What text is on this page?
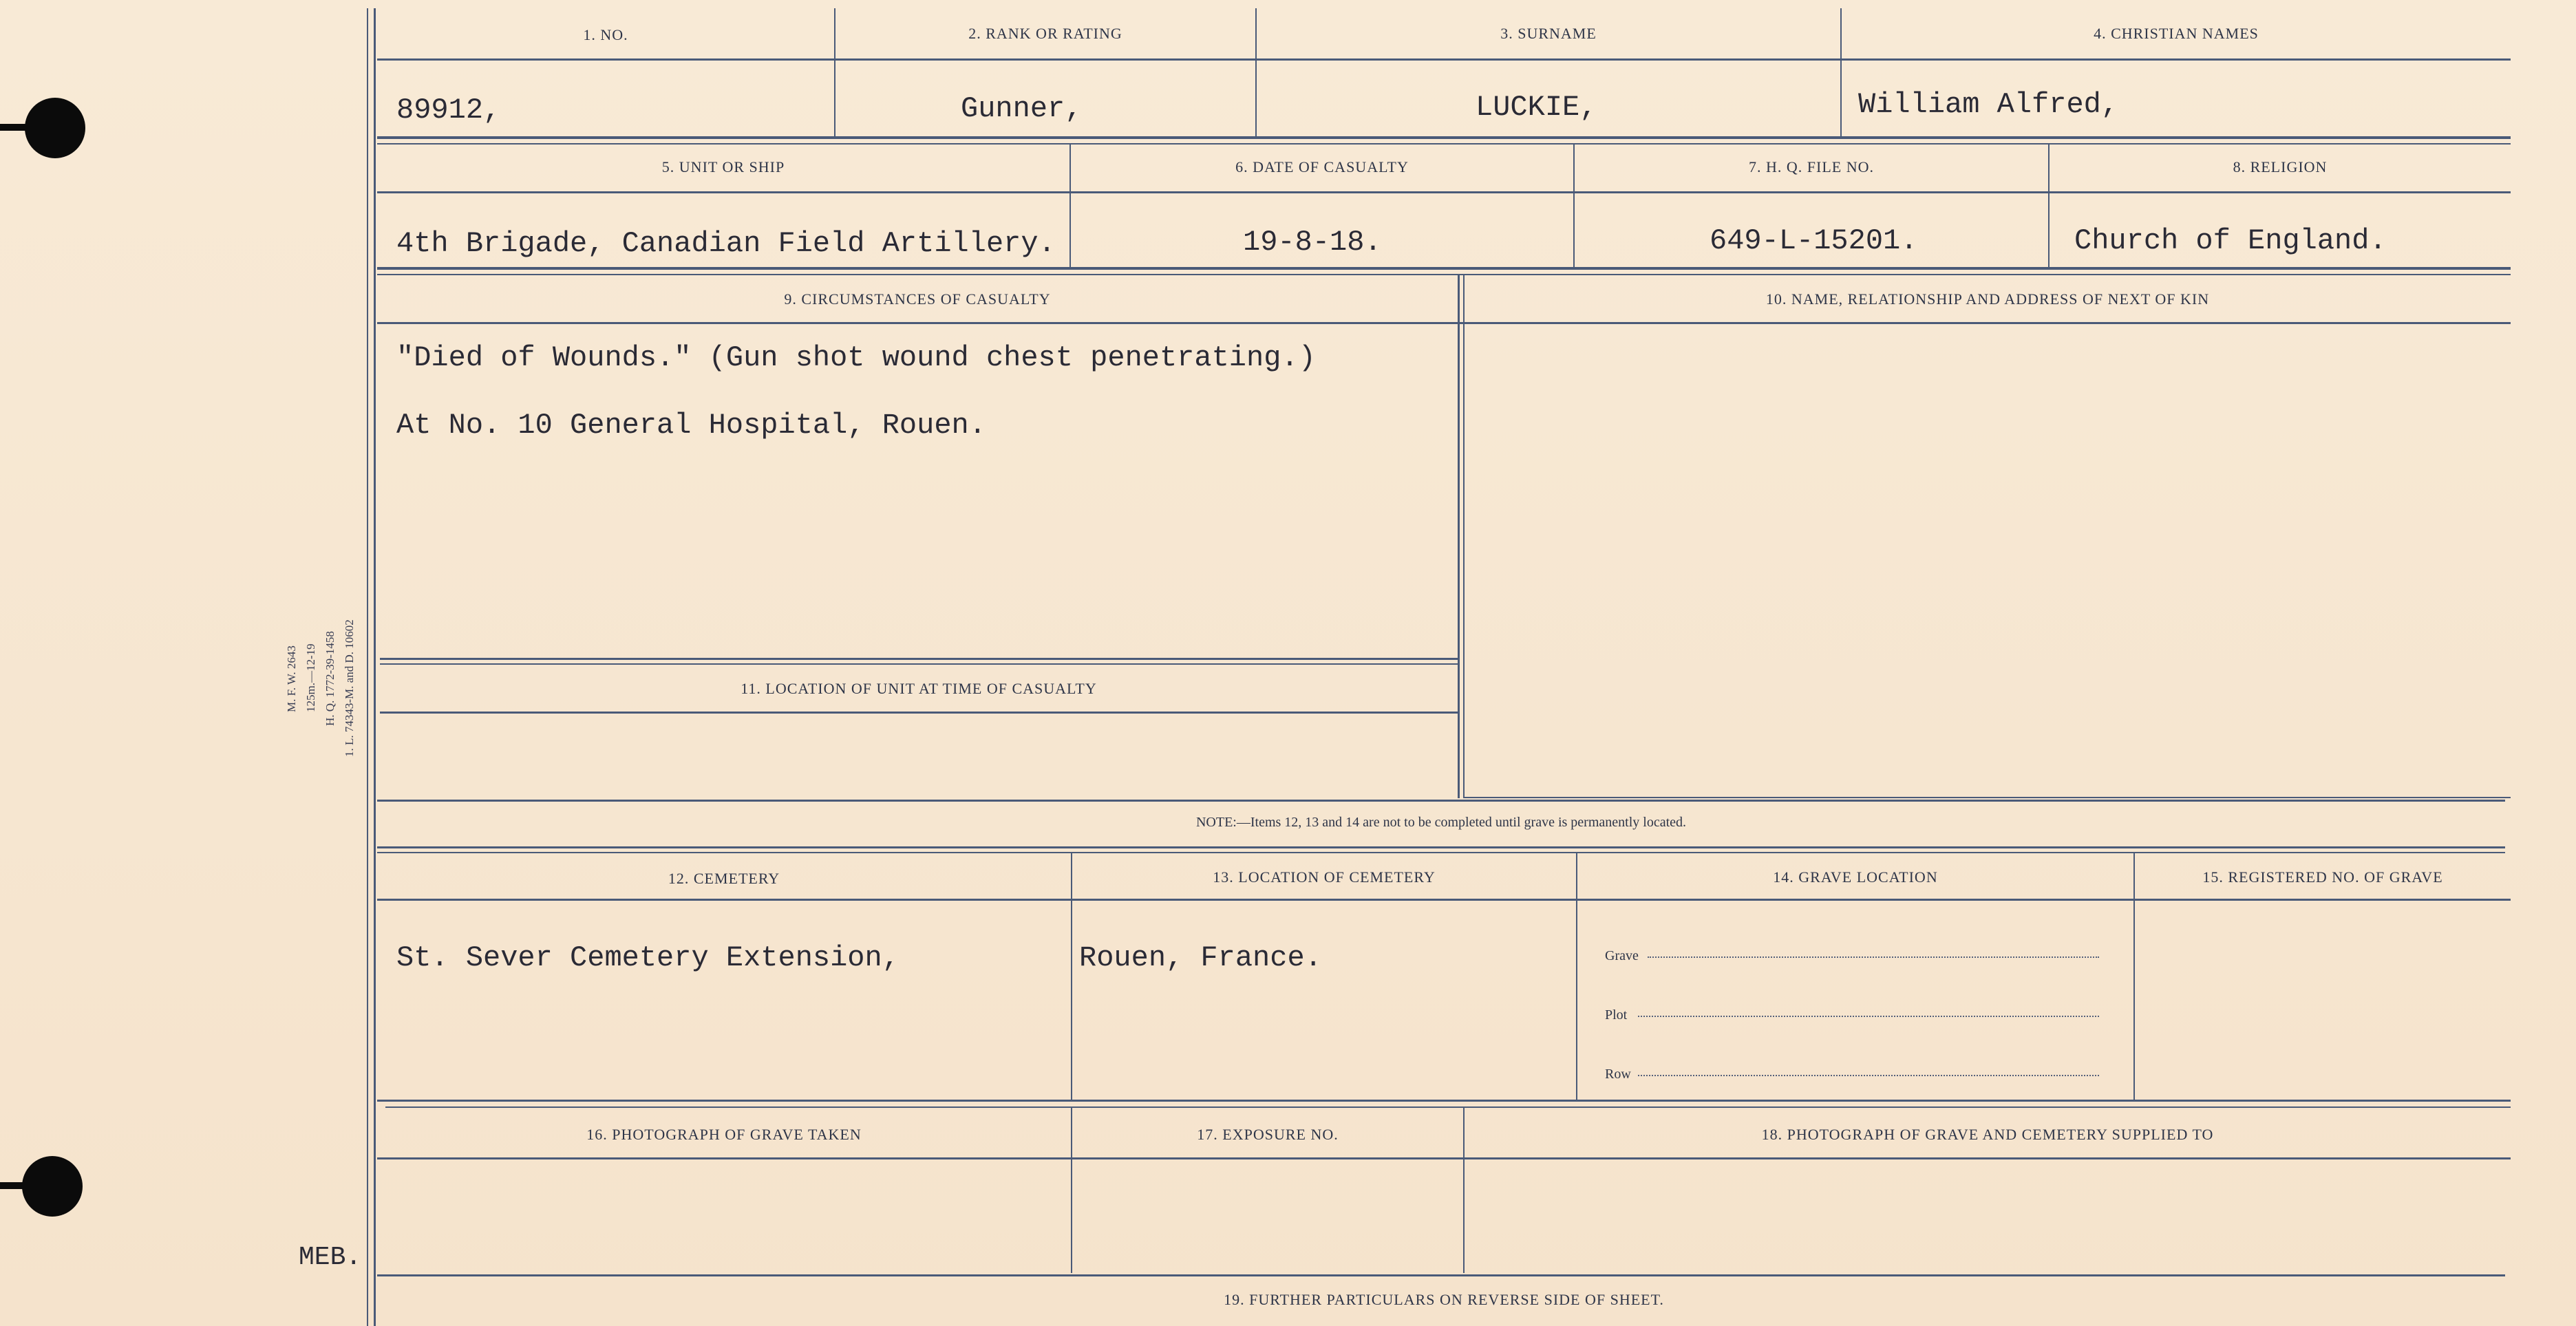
M. F. W. 2643 125m.—12-19 H. Q. 1772-39-1458 1. L. 74343-M. and D. 10602
MEB.
1. NO.	2. RANK OR RATING	3. SURNAME	4. CHRISTIAN NAMES
89912,	Gunner,	LUCKIE,	William Alfred,
5. UNIT OR SHIP	6. DATE OF CASUALTY	7. H. Q. FILE NO.	8. RELIGION
4th Brigade, Canadian Field Artillery.	19-8-18.	649-L-15201.	Church of England.
9. CIRCUMSTANCES OF CASUALTY	10. NAME, RELATIONSHIP AND ADDRESS OF NEXT OF KIN
"Died of Wounds." (Gun shot wound chest penetrating.)
At No. 10 General Hospital, Rouen.
11. LOCATION OF UNIT AT TIME OF CASUALTY
NOTE:—Items 12, 13 and 14 are not to be completed until grave is permanently located.
12. CEMETERY	13. LOCATION OF CEMETERY	14. GRAVE LOCATION	15. REGISTERED NO. OF GRAVE
St. Sever Cemetery Extension,	Rouen, France.	Grave
Plot
Row
16. PHOTOGRAPH OF GRAVE TAKEN	17. EXPOSURE NO.	18. PHOTOGRAPH OF GRAVE AND CEMETERY SUPPLIED TO
19. FURTHER PARTICULARS ON REVERSE SIDE OF SHEET.
